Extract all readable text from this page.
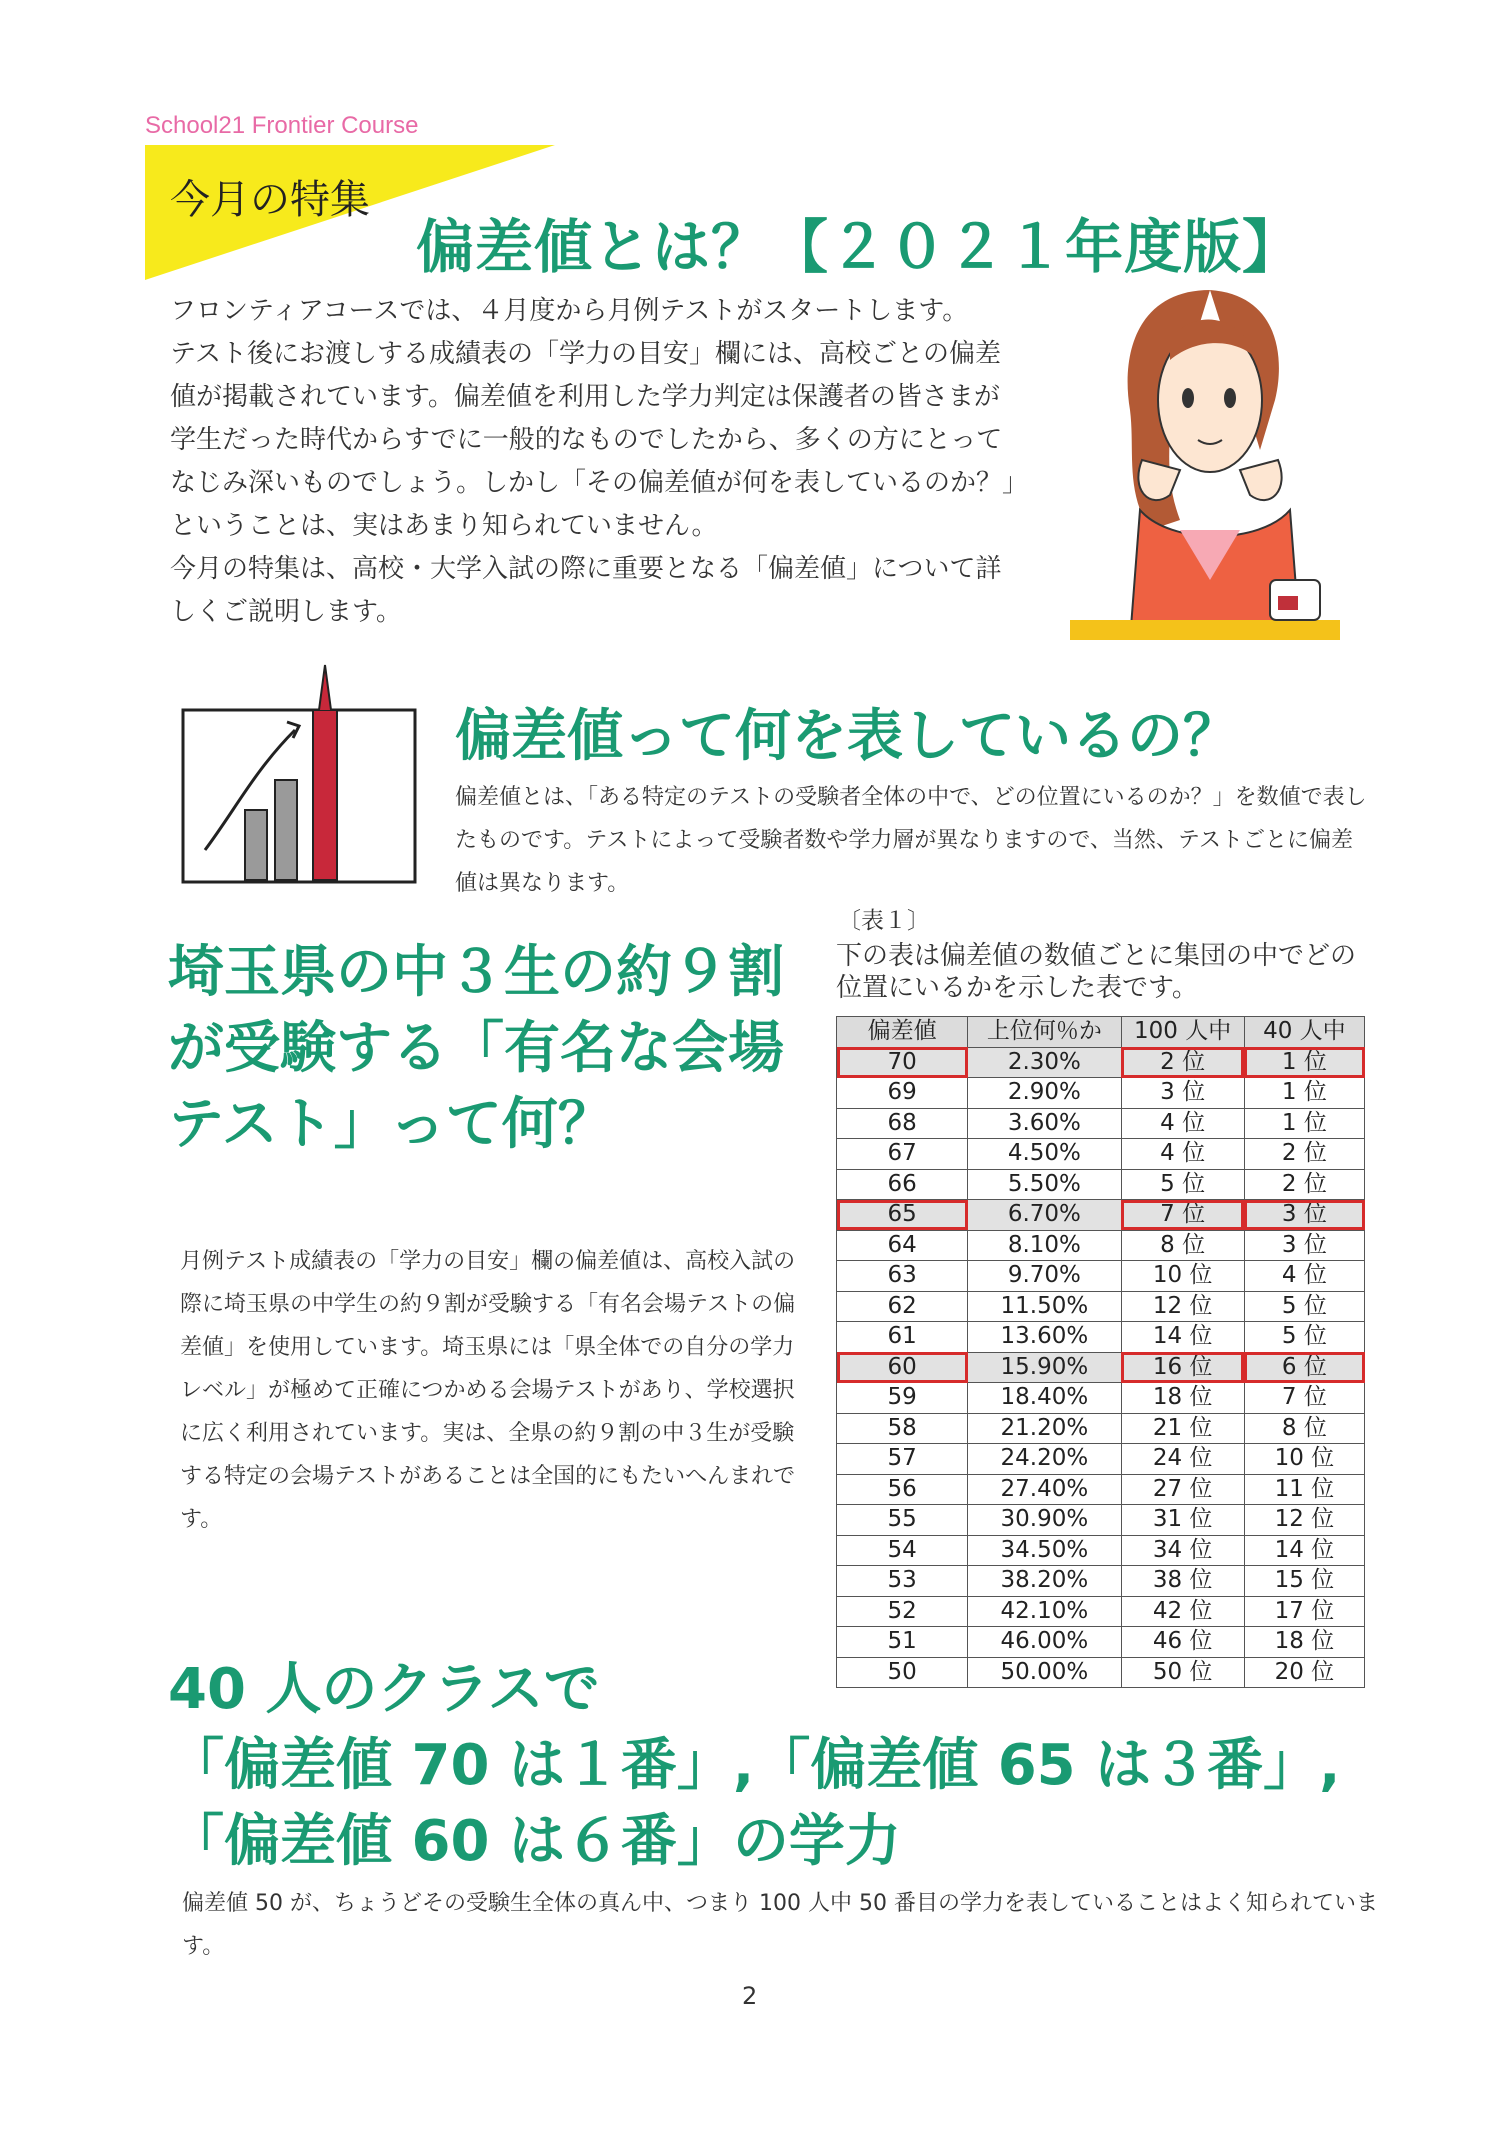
School21 Frontier Course
今月の特集
偏差値とは？【２０２１年度版】

フロンティアコースでは、４月度から月例テストがスタートします。

テスト後にお渡しする成績表の「学力の目安」欄には、高校ごとの偏差値が掲載されています。偏差値を利用した学力判定は保護者の皆さまが学生だった時代からすでに一般的なものでしたから、多くの方にとってなじみ深いものでしょう。しかし「その偏差値が何を表しているのか？」ということは、実はあまり知られていません。

今月の特集は、高校・大学入試の際に重要となる「偏差値」について詳しくご説明します。

偏差値って何を表しているの？
偏差値とは、「ある特定のテストの受験者全体の中で、どの位置にいるのか？」を数値で表したものです。テストによって受験者数や学力層が異なりますので、当然、テストごとに偏差値は異なります。
埼玉県の中３生の約９割が受験する「有名な会場テスト」って何？
月例テスト成績表の「学力の目安」欄の偏差値は、高校入試の際に埼玉県の中学生の約９割が受験する「有名会場テストの偏差値」を使用しています。埼玉県には「県全体での自分の学力レベル」が極めて正確につかめる会場テストがあり、学校選択に広く利用されています。実は、全県の約９割の中３生が受験する特定の会場テストがあることは全国的にもたいへんまれです。
〔表１〕
下の表は偏差値の数値ごとに集団の中でどの位置にいるかを示した表です。
偏差値	上位何％か	100 人中	40 人中
70	2.30%	2 位	1 位
69	2.90%	3 位	1 位
68	3.60%	4 位	1 位
67	4.50%	4 位	2 位
66	5.50%	5 位	2 位
65	6.70%	7 位	3 位
64	8.10%	8 位	3 位
63	9.70%	10 位	4 位
62	11.50%	12 位	5 位
61	13.60%	14 位	5 位
60	15.90%	16 位	6 位
59	18.40%	18 位	7 位
58	21.20%	21 位	8 位
57	24.20%	24 位	10 位
56	27.40%	27 位	11 位
55	30.90%	31 位	12 位
54	34.50%	34 位	14 位
53	38.20%	38 位	15 位
52	42.10%	42 位	17 位
51	46.00%	46 位	18 位
50	50.00%	50 位	20 位
40 人のクラスで
「偏差値 70 は１番」,「偏差値 65 は３番」,
「偏差値 60 は６番」の学力
偏差値 50 が、ちょうどその受験生全体の真ん中、つまり 100 人中 50 番目の学力を表していることはよく知られています。
2
